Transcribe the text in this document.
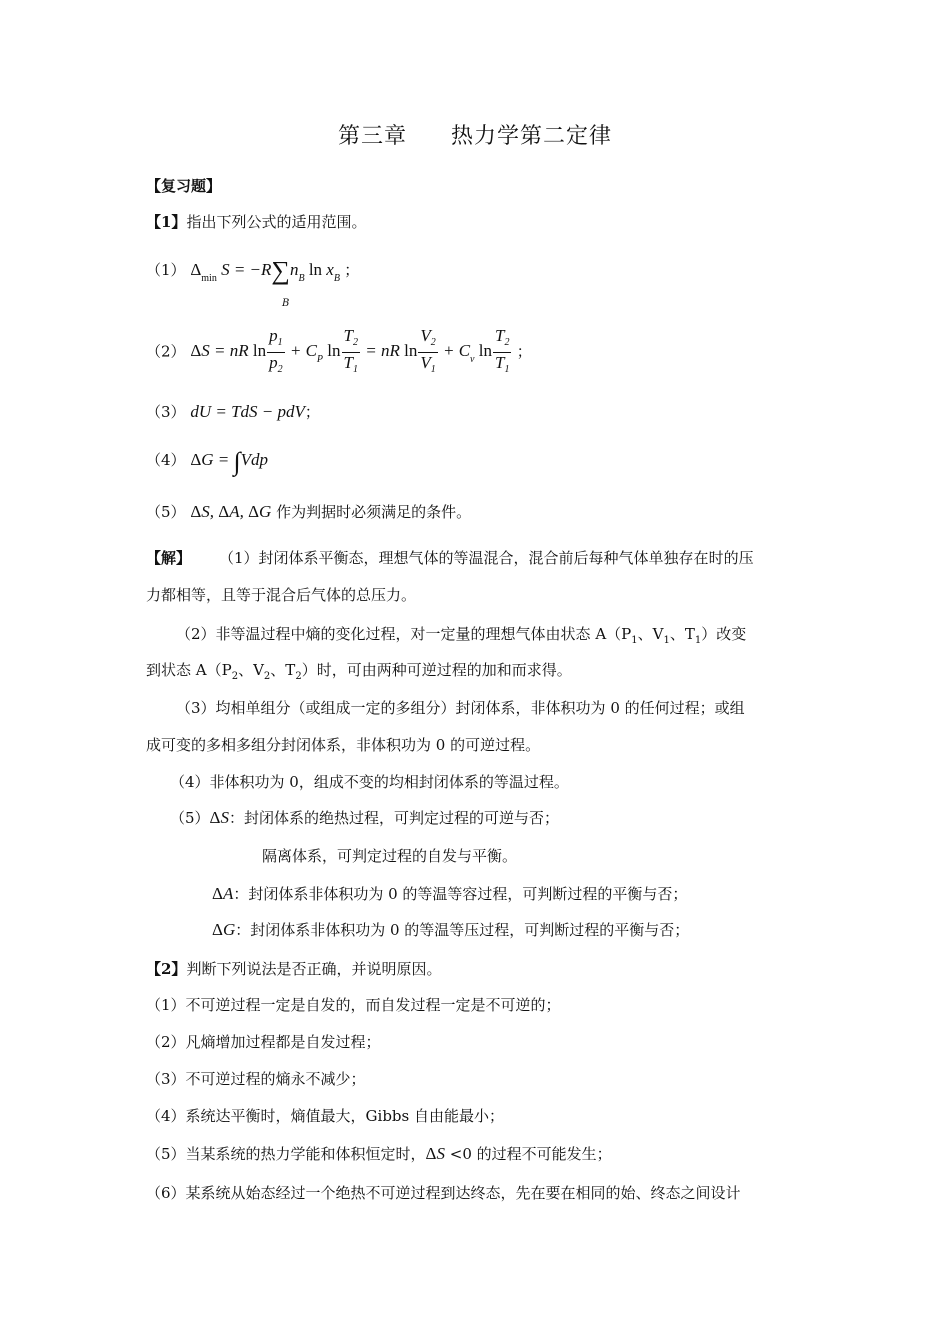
第三章 热力学第二定律
【复习题】
【1】指出下列公式的适用范围。
（1） $\Delta_{min}$ $S = -R\sum n_B$ $\ln x_B$ ；
B
（2） ΔS = nR $\ln \frac{p_1}{p_2} + C_P$ $\ln \frac{T_2}{T_1}$ = nR $\ln \frac{V_2}{V_1} + C_v$ $\ln \frac{T_2}{T_1}$ ；
（3） dU = TdS − pdV；
（4） ΔG = ∫Vdp
（5） ΔS, ΔA, ΔG 作为判据时必须满足的条件。
【解】 （1）封闭体系平衡态，理想气体的等温混合，混合前后每种气体单独存在时的压
力都相等，且等于混合后气体的总压力。
（2）非等温过程中熵的变化过程，对一定量的理想气体由状态 $A(P_1$、$V_1$、$T_1$）改变
到状态 $A(P_2$、$V_2$、$T_2$）时，可由两种可逆过程的加和而求得。
（3）均相单组分（或组成一定的多组分）封闭体系，非体积功为 0 的任何过程；或组
成可变的多相多组分封闭体系，非体积功为 0 的可逆过程。
（4）非体积功为 0，组成不变的均相封闭体系的等温过程。
（5）ΔS：封闭体系的绝热过程，可判定过程的可逆与否；
隔离体系，可判定过程的自发与平衡。
ΔA：封闭体系非体积功为 0 的等温等容过程，可判断过程的平衡与否；
ΔG：封闭体系非体积功为 0 的等温等压过程，可判断过程的平衡与否；
【2】判断下列说法是否正确，并说明原因。
（1）不可逆过程一定是自发的，而自发过程一定是不可逆的；
（2）凡熵增加过程都是自发过程；
（3）不可逆过程的熵永不减少；
（4）系统达平衡时，熵值最大，Gibbs 自由能最小；
（5）当某系统的热力学能和体积恒定时，ΔS <0 的过程不可能发生；
（6）某系统从始态经过一个绝热不可逆过程到达终态，先在要在相同的始、终态之间设计
